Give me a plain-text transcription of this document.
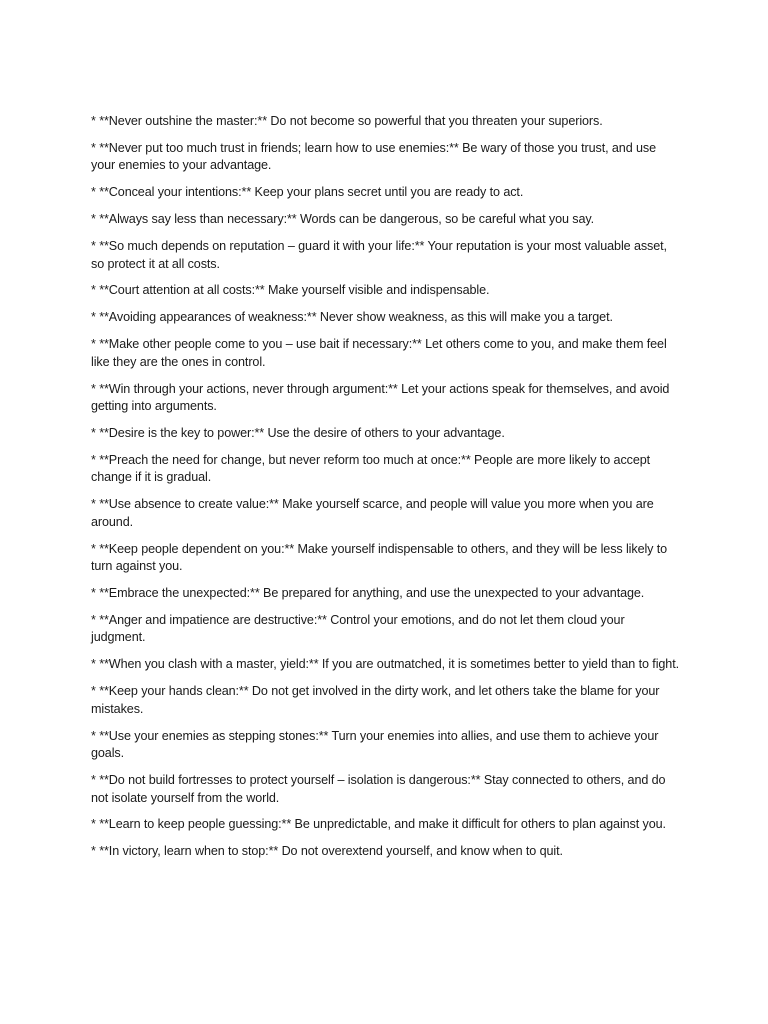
* **Never outshine the master:** Do not become so powerful that you threaten your superiors.
* **Never put too much trust in friends; learn how to use enemies:** Be wary of those you trust, and use your enemies to your advantage.
* **Conceal your intentions:** Keep your plans secret until you are ready to act.
* **Always say less than necessary:** Words can be dangerous, so be careful what you say.
* **So much depends on reputation – guard it with your life:** Your reputation is your most valuable asset, so protect it at all costs.
* **Court attention at all costs:** Make yourself visible and indispensable.
* **Avoiding appearances of weakness:** Never show weakness, as this will make you a target.
* **Make other people come to you – use bait if necessary:** Let others come to you, and make them feel like they are the ones in control.
* **Win through your actions, never through argument:** Let your actions speak for themselves, and avoid getting into arguments.
* **Desire is the key to power:** Use the desire of others to your advantage.
* **Preach the need for change, but never reform too much at once:** People are more likely to accept change if it is gradual.
* **Use absence to create value:** Make yourself scarce, and people will value you more when you are around.
* **Keep people dependent on you:** Make yourself indispensable to others, and they will be less likely to turn against you.
* **Embrace the unexpected:** Be prepared for anything, and use the unexpected to your advantage.
* **Anger and impatience are destructive:** Control your emotions, and do not let them cloud your judgment.
* **When you clash with a master, yield:** If you are outmatched, it is sometimes better to yield than to fight.
* **Keep your hands clean:** Do not get involved in the dirty work, and let others take the blame for your mistakes.
* **Use your enemies as stepping stones:** Turn your enemies into allies, and use them to achieve your goals.
* **Do not build fortresses to protect yourself – isolation is dangerous:** Stay connected to others, and do not isolate yourself from the world.
* **Learn to keep people guessing:** Be unpredictable, and make it difficult for others to plan against you.
* **In victory, learn when to stop:** Do not overextend yourself, and know when to quit.
